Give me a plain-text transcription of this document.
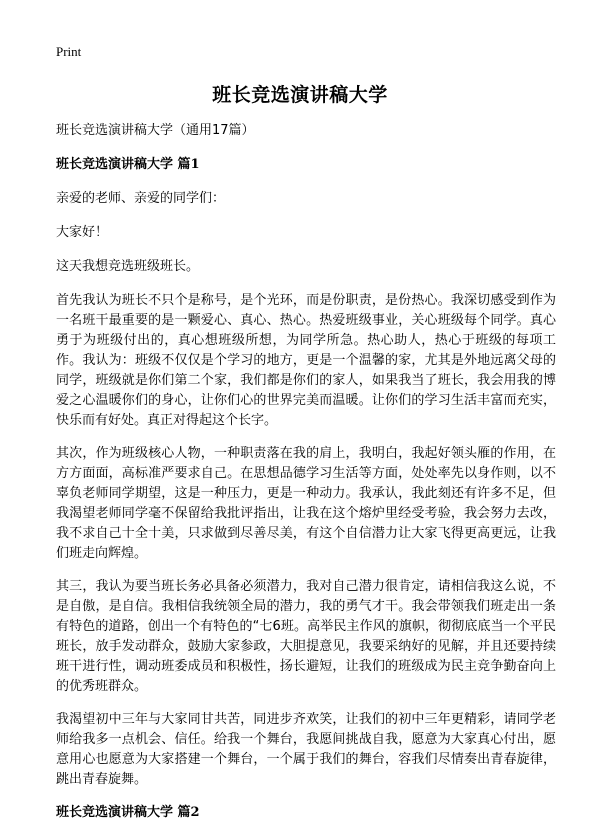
Print
班长竞选演讲稿大学

班长竞选演讲稿大学（通用17篇）

班长竞选演讲稿大学 篇1

亲爱的老师、亲爱的同学们：

大家好！

这天我想竞选班级班长。

首先我认为班长不只个是称号，是个光环，而是份职责，是份热心。我深切感受到作为一名班干最重要的是一颗爱心、真心、热心。热爱班级事业，关心班级每个同学。真心勇于为班级付出的，真心想班级所想，为同学所急。热心助人，热心于班级的每项工作。我认为：班级不仅仅是个学习的地方，更是一个温馨的家，尤其是外地远离父母的同学，班级就是你们第二个家，我们都是你们的家人，如果我当了班长，我会用我的博爱之心温暖你们的身心，让你们心的世界完美而温暖。让你们的学习生活丰富而充实，快乐而有好处。真正对得起这个长字。

其次，作为班级核心人物，一种职责落在我的肩上，我明白，我起好领头雁的作用，在方方面面，高标准严要求自己。在思想品德学习生活等方面，处处率先以身作则，以不辜负老师同学期望，这是一种压力，更是一种动力。我承认，我此刻还有许多不足，但我渴望老师同学毫不保留给我批评指出，让我在这个熔炉里经受考验，我会努力去改，我不求自己十全十美，只求做到尽善尽美，有这个自信潜力让大家飞得更高更远，让我们班走向辉煌。

其三，我认为要当班长务必具备必须潜力，我对自己潜力很肯定，请相信我这么说，不是自傲，是自信。我相信我统领全局的潜力，我的勇气才干。我会带领我们班走出一条有特色的道路，创出一个有特色的“七6班。高举民主作风的旗帜，彻彻底底当一个平民班长，放手发动群众，鼓励大家参政，大胆提意见，我要采纳好的见解，并且还要持续班干进行性，调动班委成员和积极性，扬长避短，让我们的班级成为民主竞争勤奋向上的优秀班群众。

我渴望初中三年与大家同甘共苦，同进步齐欢笑，让我们的初中三年更精彩，请同学老师给我多一点机会、信任。给我一个舞台，我愿间挑战自我，愿意为大家真心付出，愿意用心也愿意为大家搭建一个舞台，一个属于我们的舞台，容我们尽情奏出青春旋律，跳出青春旋舞。

班长竞选演讲稿大学 篇2
